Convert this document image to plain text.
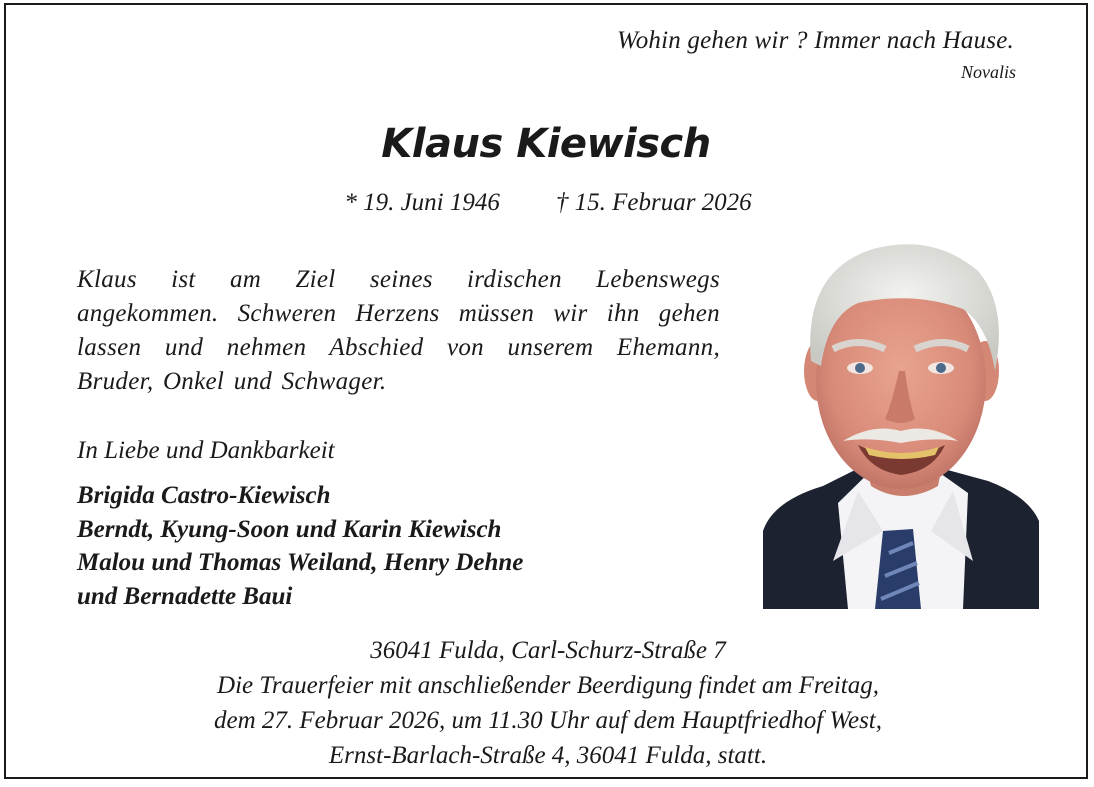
Wohin gehen wir ? Immer nach Hause.
Novalis
Klaus Kiewisch
* 19. Juni 1946 † 15. Februar 2026
Klaus ist am Ziel seines irdischen Lebenswegs angekommen. Schweren Herzens müssen wir ihn gehen lassen und nehmen Abschied von unserem Ehemann, Bruder, Onkel und Schwager.
In Liebe und Dankbarkeit
Brigida Castro-Kiewisch
Berndt, Kyung-Soon und Karin Kiewisch
Malou und Thomas Weiland, Henry Dehne
und Bernadette Baui
36041 Fulda, Carl-Schurz-Straße 7
Die Trauerfeier mit anschließender Beerdigung findet am Freitag,
dem 27. Februar 2026, um 11.30 Uhr auf dem Hauptfriedhof West,
Ernst-Barlach-Straße 4, 36041 Fulda, statt.
